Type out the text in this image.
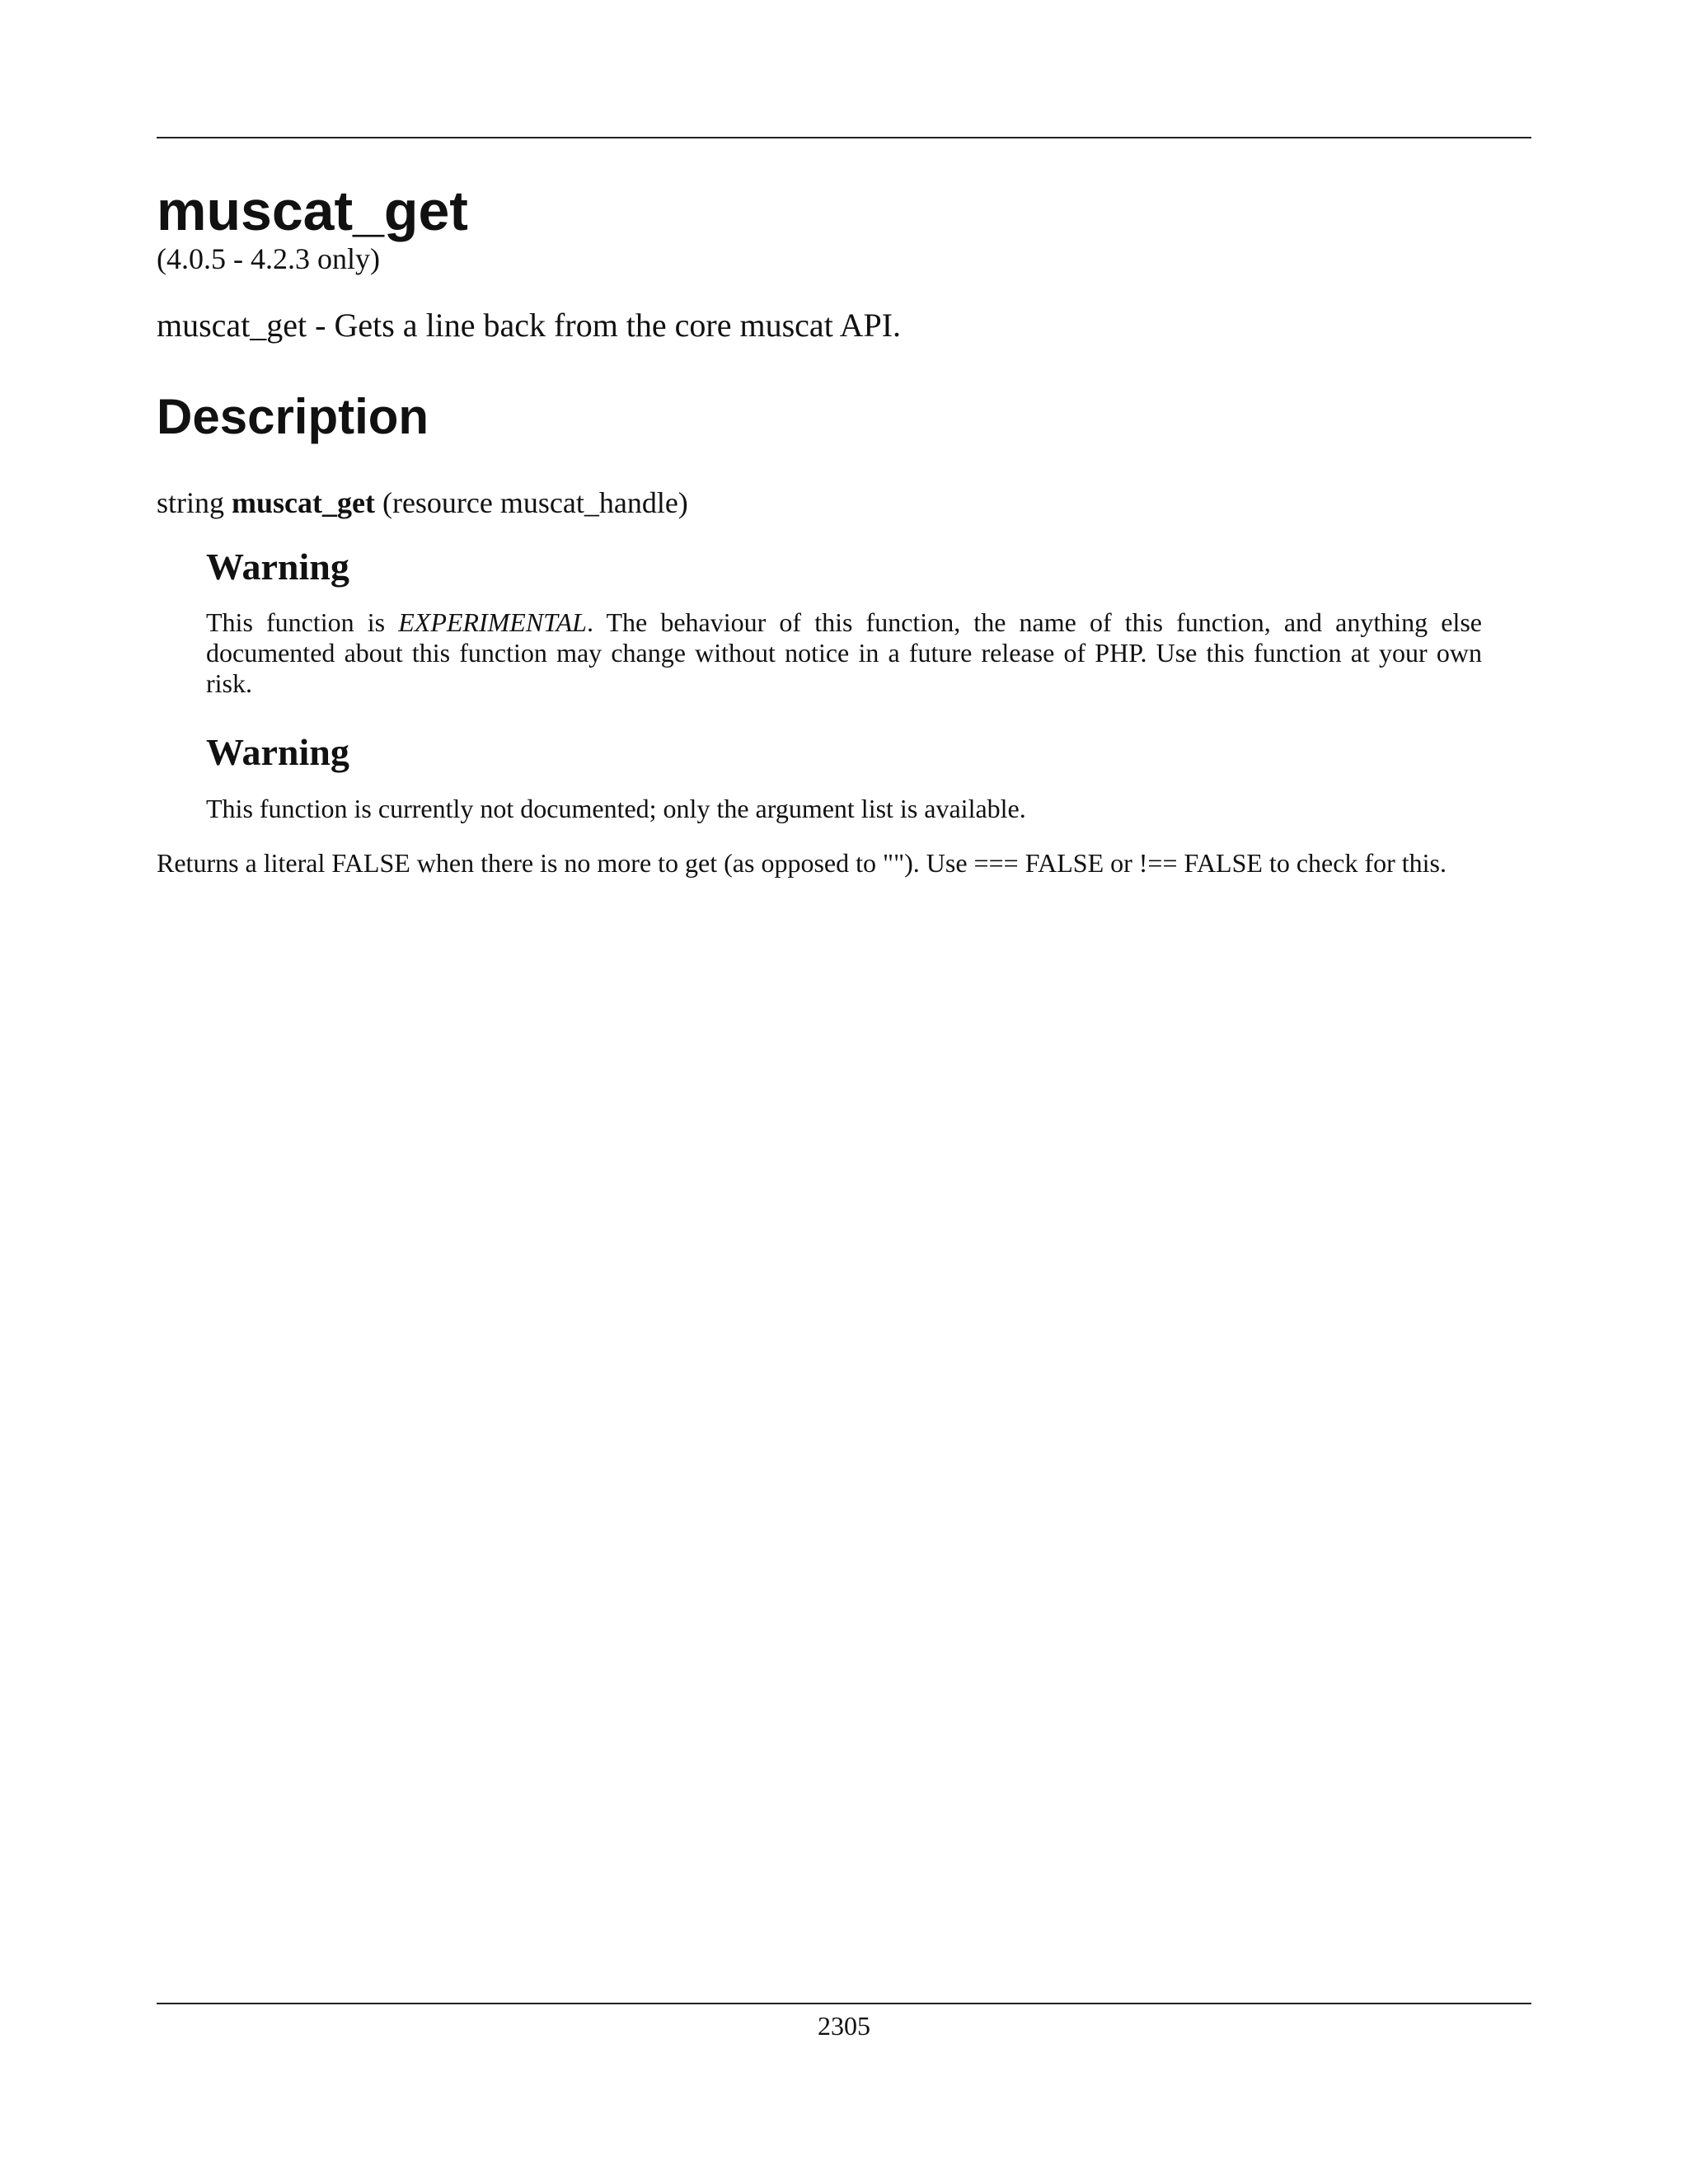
muscat_get
(4.0.5 - 4.2.3 only)
muscat_get - Gets a line back from the core muscat API.
Description
string muscat_get (resource muscat_handle)
Warning

This function is EXPERIMENTAL. The behaviour of this function, the name of this function, and anything else documented about this function may change without notice in a future release of PHP. Use this function at your own risk.

Warning

This function is currently not documented; only the argument list is available.

Returns a literal FALSE when there is no more to get (as opposed to ""). Use === FALSE or !== FALSE to check for this.
2305
